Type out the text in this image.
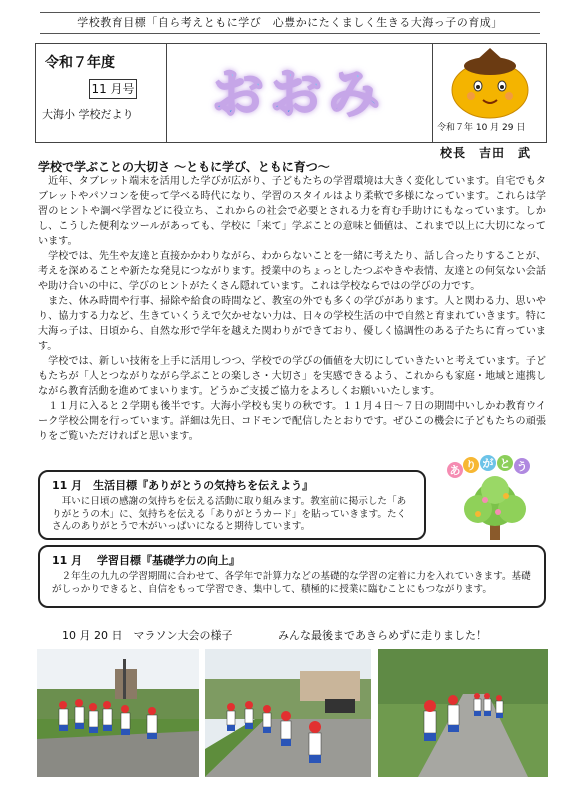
学校教育目標「自ら考えともに学び　心豊かにたくましく生きる大海っ子の育成」
令和７年度
11 月号
大海小 学校だより おおみ
令和７年 10 月 29 日
校長　吉田　武
学校で学ぶことの大切さ ～ともに学び、ともに育つ～

近年、タブレット端末を活用した学びが広がり、子どもたちの学習環境は大きく変化しています。自宅でもタブレットやパソコンを使って学べる時代になり、学習のスタイルはより柔軟で多様になっています。これらは学習のヒントや調べ学習などに役立ち、これからの社会で必要とされる力を育む手助けにもなっています。しかし、こうした便利なツールがあっても、学校に「来て」学ぶことの意味と価値は、これまで以上に大切になっています。

学校では、先生や友達と直接かかわりながら、わからないことを一緒に考えたり、話し合ったりすることが、考えを深めることや新たな発見につながります。授業中のちょっとしたつぶやきや表情、友達との何気ない会話や助け合いの中に、学びのヒントがたくさん隠れています。これは学校ならではの学びの力です。

また、休み時間や行事、掃除や給食の時間など、教室の外でも多くの学びがあります。人と関わる力、思いやり、協力する力など、生きていくうえで欠かせない力は、日々の学校生活の中で自然と育まれていきます。特に大海っ子は、日頃から、自然な形で学年を越えた関わりができており、優しく協調性のある子たちに育っています。

学校では、新しい技術を上手に活用しつつ、学校での学びの価値を大切にしていきたいと考えています。子どもたちが「人とつながりながら学ぶことの楽しさ・大切さ」を実感できるよう、これからも家庭・地域と連携しながら教育活動を進めてまいります。どうかご支援ご協力をよろしくお願いいたします。

１１月に入ると２学期も後半です。大海小学校も実りの秋です。１１月４日～７日の期間中いしかわ教育ウイーク学校公開を行っています。詳細は先日、コドモンで配信したとおりです。ぜひこの機会に子どもたちの頑張りをご覧いただければと思います。

11 月　生活目標『ありがとうの気持ちを伝えよう』
耳いに日頃の感謝の気持ちを伝える活動に取り組みます。教室前に掲示した「ありがとうの木」に、気持ちを伝える「ありがとうカード」を貼っていきます。たくさんのありがとうで木がいっぱいになると期待しています。
あ り が と う
11 月　 学習目標『基礎学力の向上』
２年生の九九の学習期間に合わせて、各学年で計算力などの基礎的な学習の定着に力を入れていきます。基礎がしっかりできると、自信をもって学習でき、集中して、積極的に授業に臨むことにもつながります。
10 月 20 日　マラソン大会の様子	みんな最後まであきらめずに走りました！
